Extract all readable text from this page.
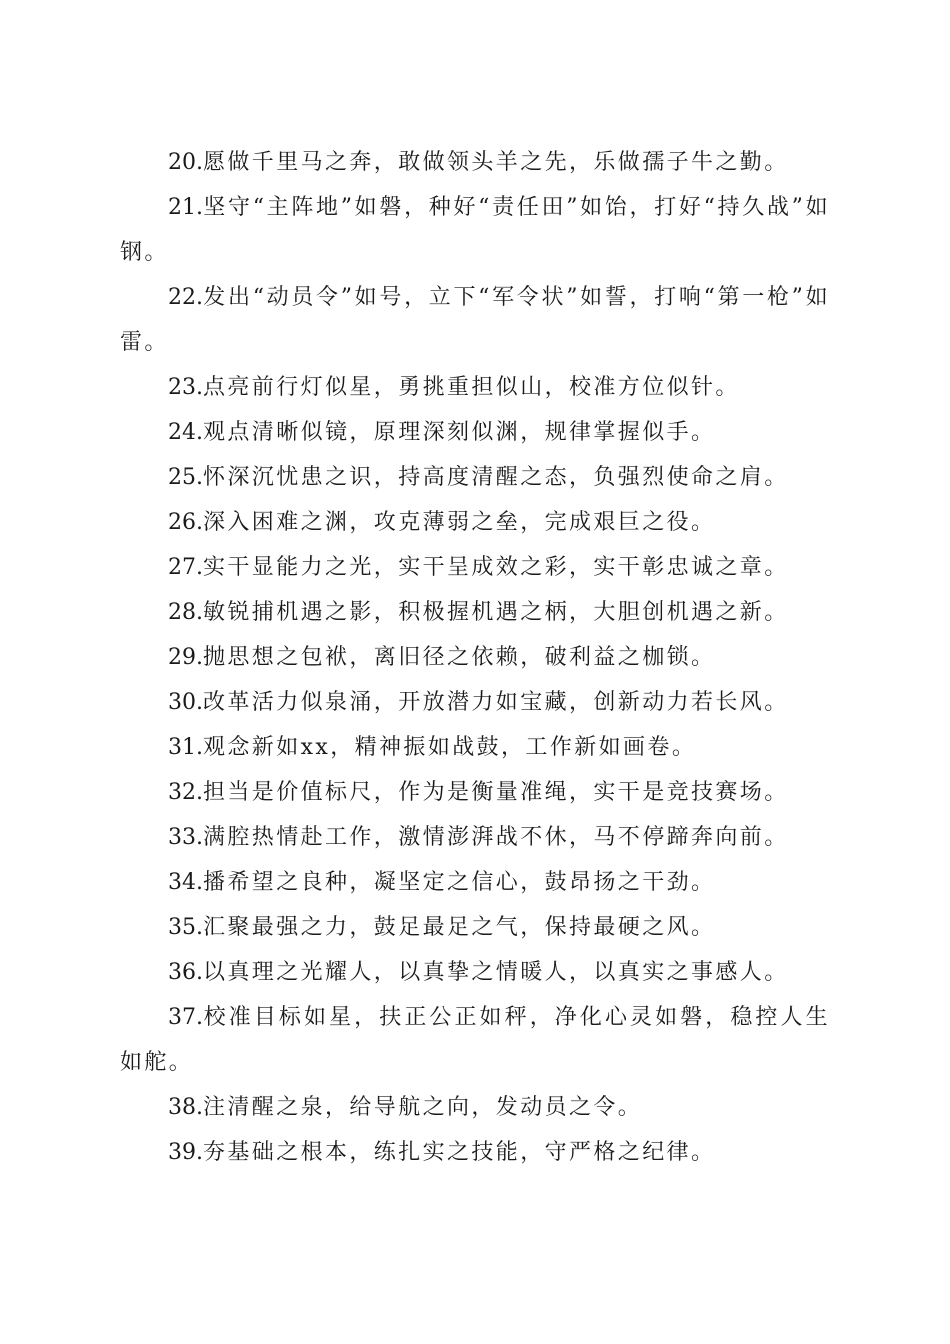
20.愿做千里马之奔，敢做领头羊之先，乐做孺子牛之勤。

21.坚守“主阵地”如磐，种好“责任田”如饴，打好“持久战”如钢。

22.发出“动员令”如号，立下“军令状”如誓，打响“第一枪”如雷。

23.点亮前行灯似星，勇挑重担似山，校准方位似针。

24.观点清晰似镜，原理深刻似渊，规律掌握似手。

25.怀深沉忧患之识，持高度清醒之态，负强烈使命之肩。

26.深入困难之渊，攻克薄弱之垒，完成艰巨之役。

27.实干显能力之光，实干呈成效之彩，实干彰忠诚之章。

28.敏锐捕机遇之影，积极握机遇之柄，大胆创机遇之新。

29.抛思想之包袱，离旧径之依赖，破利益之枷锁。

30.改革活力似泉涌，开放潜力如宝藏，创新动力若长风。

31.观念新如xx，精神振如战鼓，工作新如画卷。

32.担当是价值标尺，作为是衡量准绳，实干是竞技赛场。

33.满腔热情赴工作，激情澎湃战不休，马不停蹄奔向前。

34.播希望之良种，凝坚定之信心，鼓昂扬之干劲。

35.汇聚最强之力，鼓足最足之气，保持最硬之风。

36.以真理之光耀人，以真挚之情暖人，以真实之事感人。

37.校准目标如星，扶正公正如秤，净化心灵如磐，稳控人生如舵。

38.注清醒之泉，给导航之向，发动员之令。

39.夯基础之根本，练扎实之技能，守严格之纪律。
